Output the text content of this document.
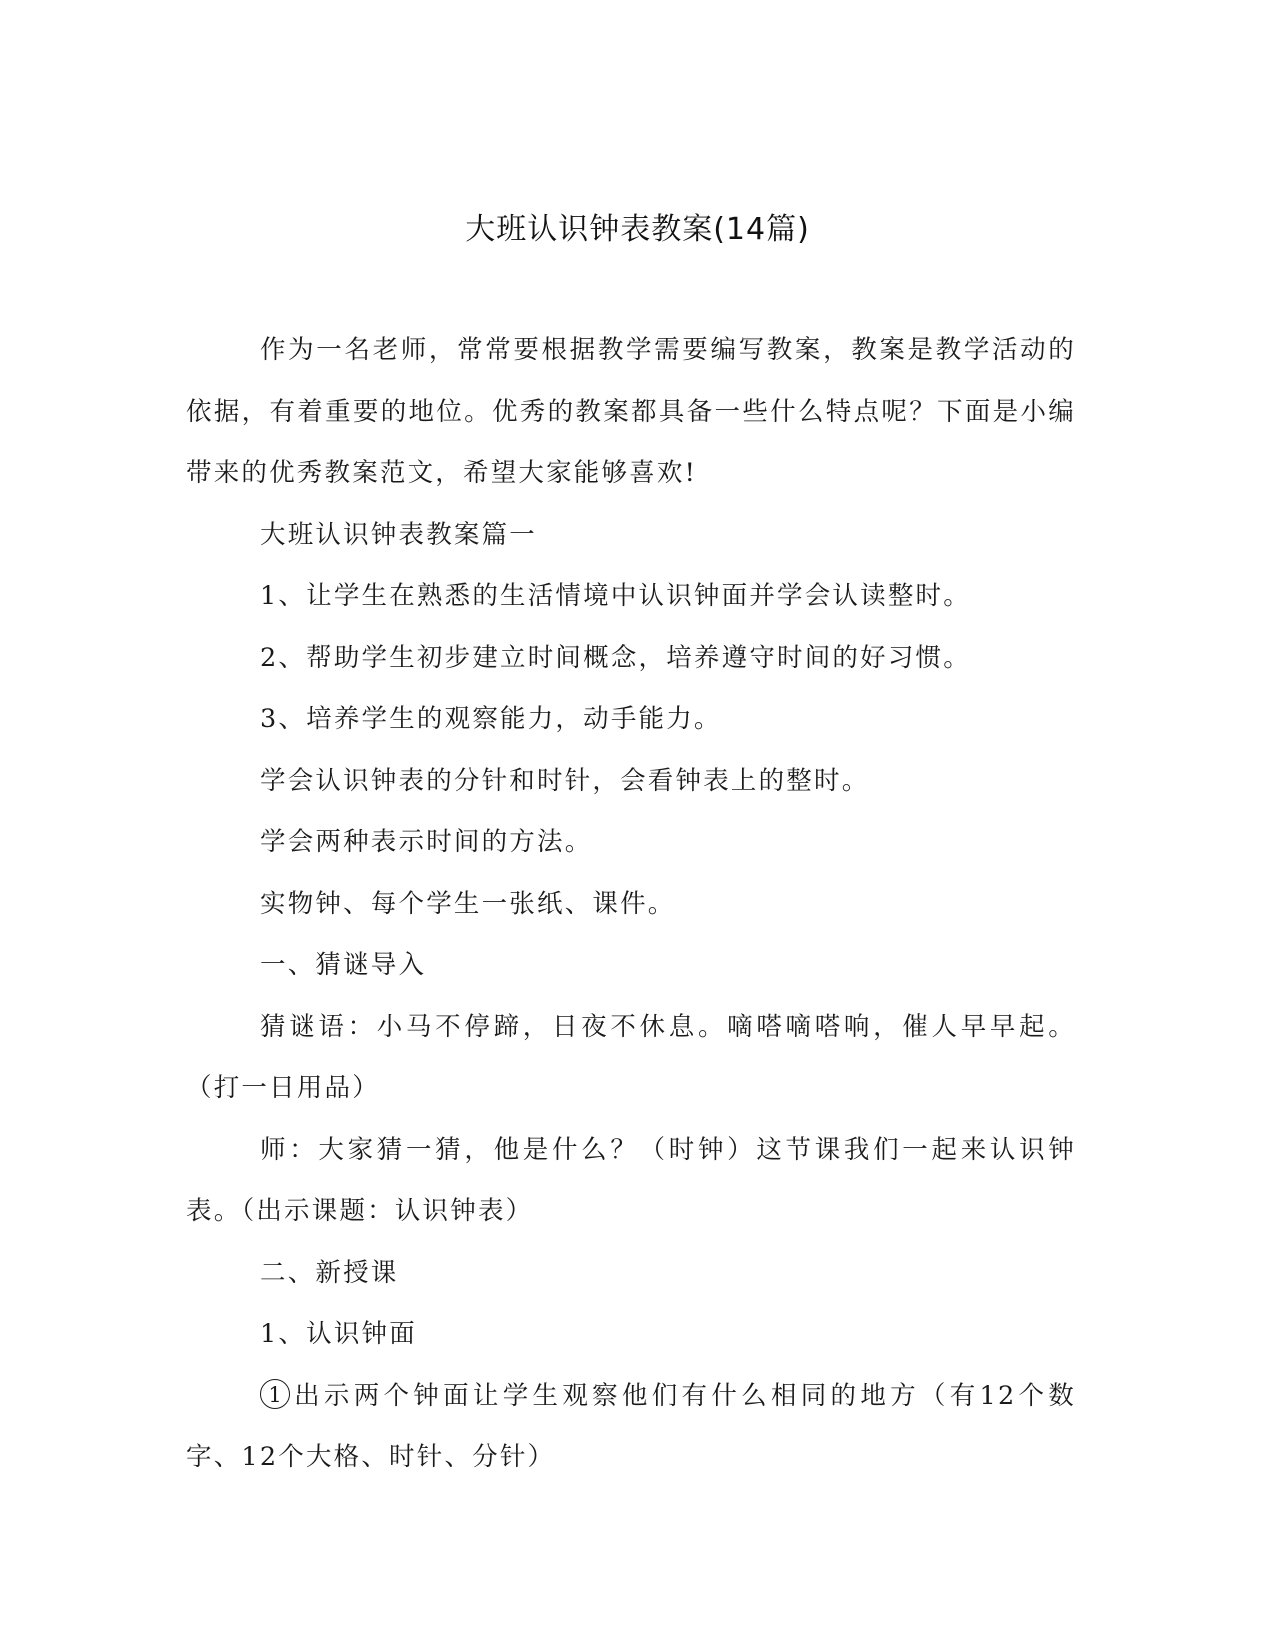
大班认识钟表教案(14篇)

作为一名老师，常常要根据教学需要编写教案，教案是教学活动的依据，有着重要的地位。优秀的教案都具备一些什么特点呢？下面是小编带来的优秀教案范文，希望大家能够喜欢!

大班认识钟表教案篇一

1、让学生在熟悉的生活情境中认识钟面并学会认读整时。

2、帮助学生初步建立时间概念，培养遵守时间的好习惯。

3、培养学生的观察能力，动手能力。

学会认识钟表的分针和时针，会看钟表上的整时。

学会两种表示时间的方法。

实物钟、每个学生一张纸、课件。

一、猜谜导入

猜谜语：小马不停蹄，日夜不休息。嘀嗒嘀嗒响，催人早早起。（打一日用品）

师：大家猜一猜，他是什么？（时钟）这节课我们一起来认识钟表。（出示课题：认识钟表）

二、新授课

1、认识钟面

1 出示两个钟面让学生观察他们有什么相同的地方（有12个数字、12个大格、时针、分针）
